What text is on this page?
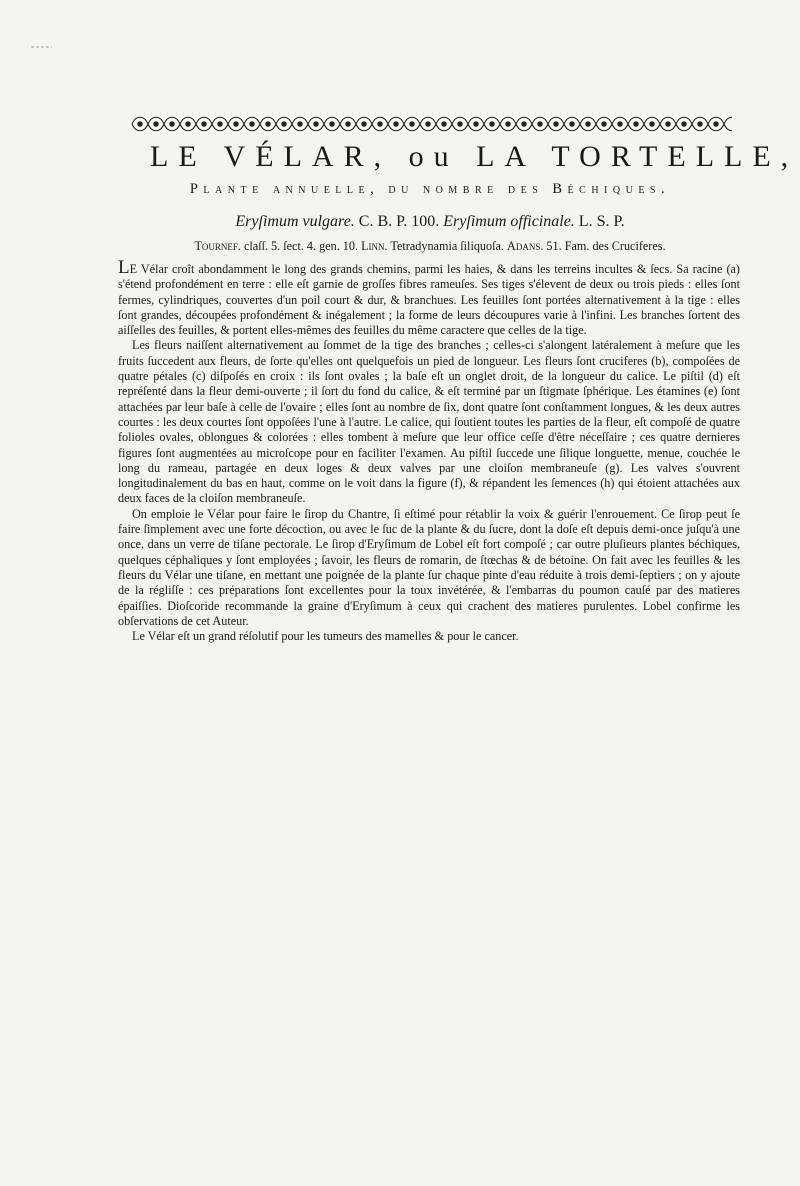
LE VÉLAR, ou LA TORTELLE,
Plante annuelle, du nombre des Béchiques.
Eryſimum vulgare. C. B. P. 100. Eryſimum officinale. L. S. P.
Tournef. claſſ. 5. ſect. 4. gen. 10. Linn. Tetradynamia ſiliquoſa. Adans. 51. Fam. des Cruciferes.

LE Vélar croît abondamment le long des grands chemins, parmi les haies, & dans les terreins incultes & ſecs. Sa racine (a) s'étend profondément en terre : elle eſt garnie de groſſes fibres rameuſes. Ses tiges s'élevent de deux ou trois pieds : elles ſont fermes, cylindriques, couvertes d'un poil court & dur, & branchues. Les feuilles ſont portées alternativement à la tige : elles ſont grandes, découpées profondément & inégalement ; la forme de leurs découpures varie à l'infini. Les branches ſortent des aiſſelles des feuilles, & portent elles-mêmes des feuilles du même caractere que celles de la tige.

Les fleurs naiſſent alternativement au ſommet de la tige des branches ; celles-ci s'alongent latéralement à meſure que les fruits ſuccedent aux fleurs, de ſorte qu'elles ont quelquefois un pied de longueur. Les fleurs ſont cruciferes (b), compoſées de quatre pétales (c) diſpoſés en croix : ils ſont ovales ; la baſe eſt un onglet droit, de la longueur du calice. Le piſtil (d) eſt repréſenté dans la fleur demi-ouverte ; il ſort du fond du calice, & eſt terminé par un ſtigmate ſphérique. Les étamines (e) ſont attachées par leur baſe à celle de l'ovaire ; elles ſont au nombre de ſix, dont quatre ſont conſtamment longues, & les deux autres courtes : les deux courtes ſont oppoſées l'une à l'autre. Le calice, qui ſoutient toutes les parties de la fleur, eſt compoſé de quatre folioles ovales, oblongues & colorées : elles tombent à meſure que leur office ceſſe d'être néceſſaire ; ces quatre dernieres figures ſont augmentées au microſcope pour en faciliter l'examen. Au piſtil ſuccede une ſilique longuette, menue, couchée le long du rameau, partagée en deux loges & deux valves par une cloiſon membraneuſe (g). Les valves s'ouvrent longitudinalement du bas en haut, comme on le voit dans la figure (f), & répandent les ſemences (h) qui étoient attachées aux deux faces de la cloiſon membraneuſe.

On emploie le Vélar pour faire le ſirop du Chantre, ſi eſtimé pour rétablir la voix & guérir l'enrouement. Ce ſirop peut ſe faire ſimplement avec une forte décoction, ou avec le ſuc de la plante & du ſucre, dont la doſe eſt depuis demi-once juſqu'à une once, dans un verre de tiſane pectorale. Le ſirop d'Eryſimum de Lobel eſt fort compoſé ; car outre pluſieurs plantes béchiques, quelques céphaliques y ſont employées ; ſavoir, les fleurs de romarin, de ſtœchas & de bétoine. On fait avec les feuilles & les fleurs du Vélar une tiſane, en mettant une poignée de la plante ſur chaque pinte d'eau réduite à trois demi-ſeptiers ; on y ajoute de la régliſſe : ces préparations ſont excellentes pour la toux invétérée, & l'embarras du poumon cauſé par des matieres épaiſſies. Dioſcoride recommande la graine d'Eryſimum à ceux qui crachent des matieres purulentes. Lobel confirme les obſervations de cet Auteur.

Le Vélar eſt un grand réſolutif pour les tumeurs des mamelles & pour le cancer.
